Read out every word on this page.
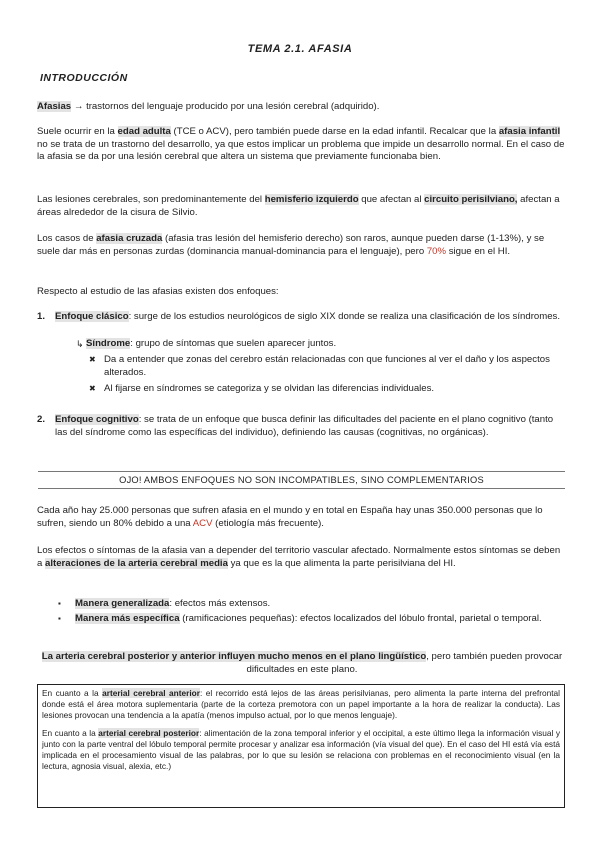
TEMA 2.1. AFASIA
INTRODUCCIÓN

Afasias → trastornos del lenguaje producido por una lesión cerebral (adquirido).

Suele ocurrir en la edad adulta (TCE o ACV), pero también puede darse en la edad infantil. Recalcar que la afasia infantil no se trata de un trastorno del desarrollo, ya que estos implicar un problema que impide un desarrollo normal. En el caso de la afasia se da por una lesión cerebral que altera un sistema que previamente funcionaba bien.

Las lesiones cerebrales, son predominantemente del hemisferio izquierdo que afectan al circuito perisilviano, afectan a áreas alrededor de la cisura de Silvio.

Los casos de afasia cruzada (afasia tras lesión del hemisferio derecho) son raros, aunque pueden darse (1-13%), y se suele dar más en personas zurdas (dominancia manual-dominancia para el lenguaje), pero 70% sigue en el HI.

Respecto al estudio de las afasias existen dos enfoques:

1. Enfoque clásico: surge de los estudios neurológicos de siglo XIX donde se realiza una clasificación de los síndromes.

↳ Síndrome: grupo de síntomas que suelen aparecer juntos.

✖ Da a entender que zonas del cerebro están relacionadas con que funciones al ver el daño y los aspectos alterados.

✖ Al fijarse en síndromes se categoriza y se olvidan las diferencias individuales.

2. Enfoque cognitivo: se trata de un enfoque que busca definir las dificultades del paciente en el plano cognitivo (tanto las del síndrome como las específicas del individuo), definiendo las causas (cognitivas, no orgánicas).

OJO! AMBOS ENFOQUES NO SON INCOMPATIBLES, SINO COMPLEMENTARIOS

Cada año hay 25.000 personas que sufren afasia en el mundo y en total en España hay unas 350.000 personas que lo sufren, siendo un 80% debido a una ACV (etiología más frecuente).

Los efectos o síntomas de la afasia van a depender del territorio vascular afectado. Normalmente estos síntomas se deben a alteraciones de la arteria cerebral media ya que es la que alimenta la parte perisilviana del HI.

▪ Manera generalizada: efectos más extensos.

▪ Manera más específica (ramificaciones pequeñas): efectos localizados del lóbulo frontal, parietal o temporal.

La arteria cerebral posterior y anterior influyen mucho menos en el plano lingüístico, pero también pueden provocar dificultades en este plano.

En cuanto a la arterial cerebral anterior: el recorrido está lejos de las áreas perisilvianas, pero alimenta la parte interna del prefrontal donde está el área motora suplementaria (parte de la corteza premotora con un papel importante a la hora de realizar la conducta). Las lesiones provocan una tendencia a la apatía (menos impulso actual, por lo que menos lenguaje).

En cuanto a la arterial cerebral posterior: alimentación de la zona temporal inferior y el occipital, a este último llega la información visual y junto con la parte ventral del lóbulo temporal permite procesar y analizar esa información (vía visual del que). En el caso del HI está vía está implicada en el procesamiento visual de las palabras, por lo que su lesión se relaciona con problemas en el reconocimiento visual (en la lectura, agnosia visual, alexia, etc.)
